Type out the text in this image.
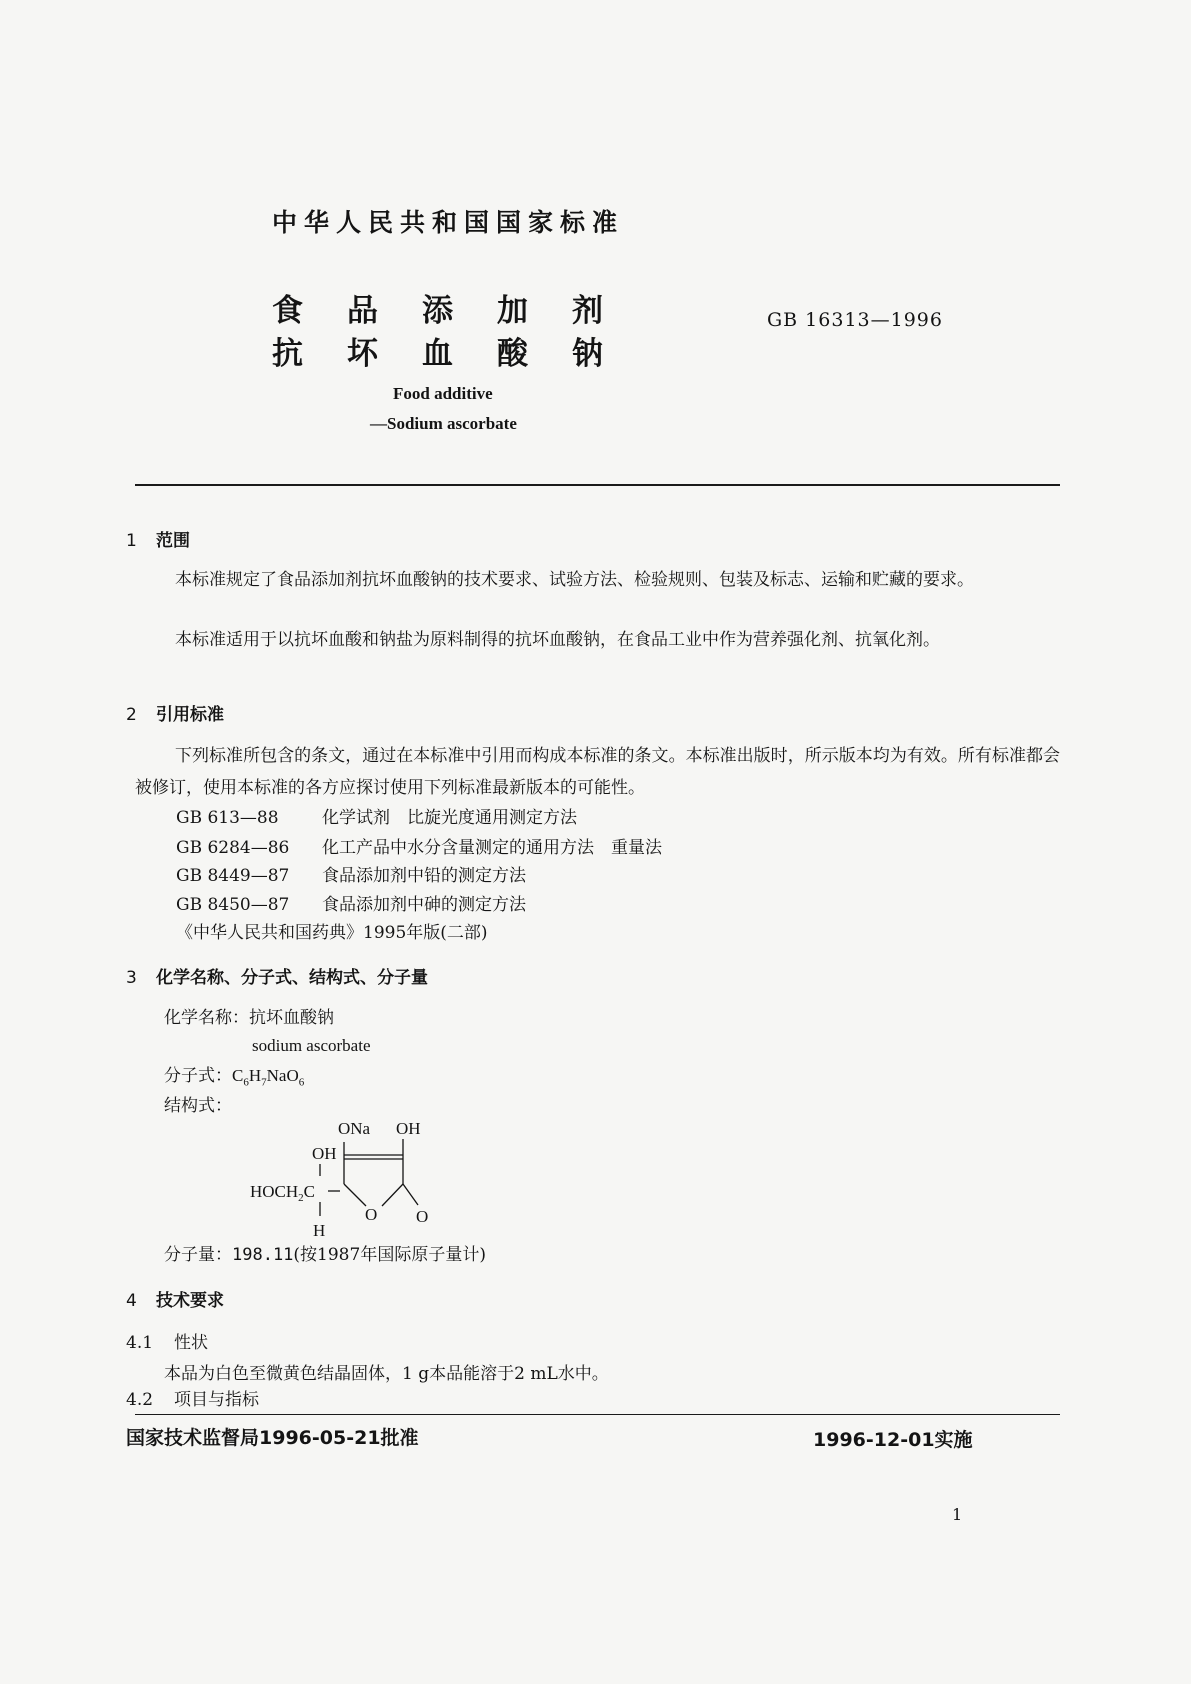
中华人民共和国国家标准
食品添加剂
抗坏血酸钠
GB 16313—1996
Food additive
—Sodium ascorbate
1 范围
本标准规定了食品添加剂抗坏血酸钠的技术要求、试验方法、检验规则、包装及标志、运输和贮藏的要求。
本标准适用于以抗坏血酸和钠盐为原料制得的抗坏血酸钠，在食品工业中作为营养强化剂、抗氧化剂。
2 引用标准
下列标准所包含的条文，通过在本标准中引用而构成本标准的条文。本标准出版时，所示版本均为有效。所有标准都会被修订，使用本标准的各方应探讨使用下列标准最新版本的可能性。
GB 613—88	化学试剂　比旋光度通用测定方法
GB 6284—86 化工产品中水分含量测定的通用方法　重量法
GB 8449—87 食品添加剂中铅的测定方法
GB 8450—87 食品添加剂中砷的测定方法
《中华人民共和国药典》1995年版(二部)
3 化学名称、分子式、结构式、分子量
化学名称：抗坏血酸钠
sodium ascorbate
分子式：$C_6H_7NaO_6$
结构式：
ONa OH
OH
$HOCH_2C$
H
O O
分子量：198.11(按1987年国际原子量计)
4 技术要求
4.1 性状
本品为白色至微黄色结晶固体，1 g本品能溶于2 mL水中。
4.2 项目与指标
国家技术监督局1996-05-21批准	1996-12-01实施
1
